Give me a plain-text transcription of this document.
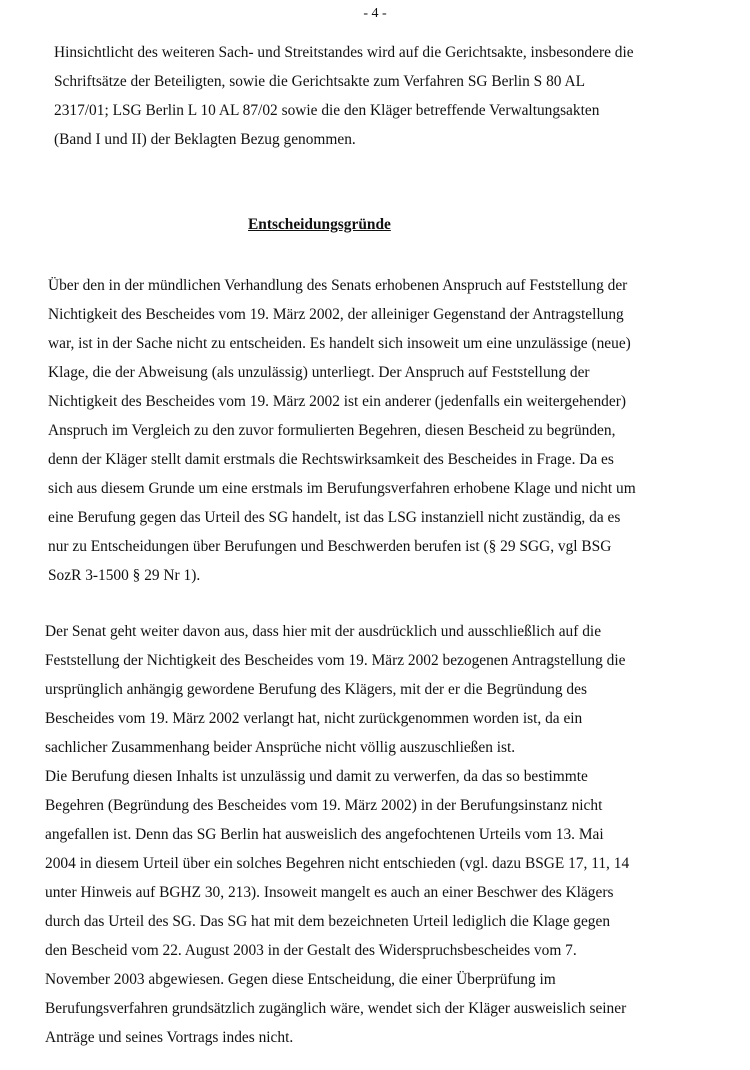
- 4 -
Hinsichtlicht des weiteren Sach- und Streitstandes wird auf die Gerichtsakte, insbesondere die
Schriftsätze der Beteiligten, sowie die Gerichtsakte zum Verfahren SG Berlin S 80 AL
2317/01; LSG Berlin L 10 AL 87/02 sowie die den Kläger betreffende Verwaltungsakten
(Band I und II) der Beklagten Bezug genommen.
Entscheidungsgründe
Über den in der mündlichen Verhandlung des Senats erhobenen Anspruch auf Feststellung der
Nichtigkeit des Bescheides vom 19. März 2002, der alleiniger Gegenstand der Antragstellung
war, ist in der Sache nicht zu entscheiden. Es handelt sich insoweit um eine unzulässige (neue)
Klage, die der Abweisung (als unzulässig) unterliegt. Der Anspruch auf Feststellung der
Nichtigkeit des Bescheides vom 19. März 2002 ist ein anderer (jedenfalls ein weitergehender)
Anspruch im Vergleich zu den zuvor formulierten Begehren, diesen Bescheid zu begründen,
denn der Kläger stellt damit erstmals die Rechtswirksamkeit des Bescheides in Frage. Da es
sich aus diesem Grunde um eine erstmals im Berufungsverfahren erhobene Klage und nicht um
eine Berufung gegen das Urteil des SG handelt, ist das LSG instanziell nicht zuständig, da es
nur zu Entscheidungen über Berufungen und Beschwerden berufen ist (§ 29 SGG, vgl BSG
SozR 3-1500 § 29 Nr 1).
Der Senat geht weiter davon aus, dass hier mit der ausdrücklich und ausschließlich auf die
Feststellung der Nichtigkeit des Bescheides vom 19. März 2002 bezogenen Antragstellung die
ursprünglich anhängig gewordene Berufung des Klägers, mit der er die Begründung des
Bescheides vom 19. März 2002 verlangt hat, nicht zurückgenommen worden ist, da ein
sachlicher Zusammenhang beider Ansprüche nicht völlig auszuschließen ist.
Die Berufung diesen Inhalts ist unzulässig und damit zu verwerfen, da das so bestimmte
Begehren (Begründung des Bescheides vom 19. März 2002) in der Berufungsinstanz nicht
angefallen ist. Denn das SG Berlin hat ausweislich des angefochtenen Urteils vom 13. Mai
2004 in diesem Urteil über ein solches Begehren nicht entschieden (vgl. dazu BSGE 17, 11, 14
unter Hinweis auf BGHZ 30, 213). Insoweit mangelt es auch an einer Beschwer des Klägers
durch das Urteil des SG. Das SG hat mit dem bezeichneten Urteil lediglich die Klage gegen
den Bescheid vom 22. August 2003 in der Gestalt des Widerspruchsbescheides vom 7.
November 2003 abgewiesen. Gegen diese Entscheidung, die einer Überprüfung im
Berufungsverfahren grundsätzlich zugänglich wäre, wendet sich der Kläger ausweislich seiner
Anträge und seines Vortrags indes nicht.
